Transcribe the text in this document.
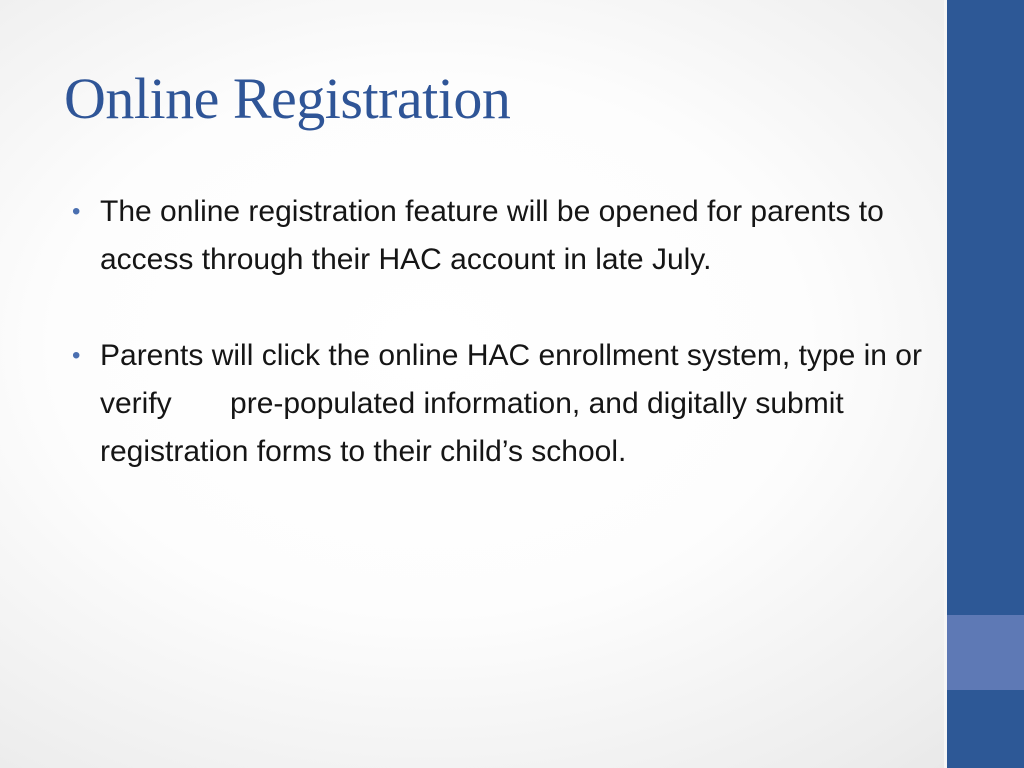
Online Registration
• The online registration feature will be opened for parents to access through their HAC account in late July.
• Parents will click the online HAC enrollment system, type in or verify       pre-populated information, and digitally submit registration forms to their child’s school.
